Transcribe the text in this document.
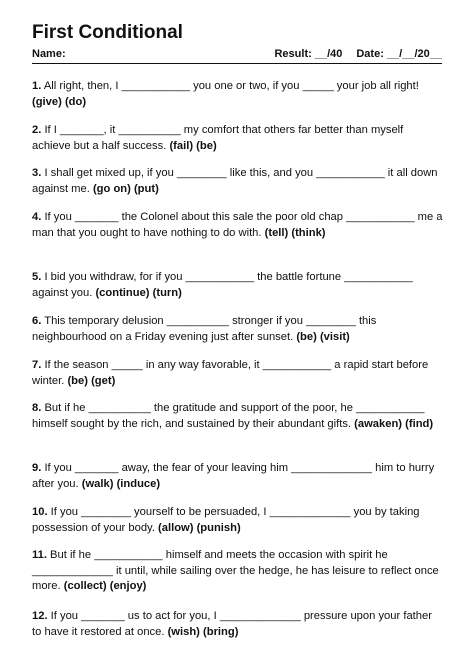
First Conditional
Name:	Result: __/40 Date: __/__/20__

1. All right, then, I ___________ you one or two, if you _____ your job all right! (give) (do)

2. If I _______, it __________ my comfort that others far better than myself achieve but a half success. (fail) (be)

3. I shall get mixed up, if you ________ like this, and you ___________ it all down against me. (go on) (put)

4. If you _______ the Colonel about this sale the poor old chap ___________ me a man that you ought to have nothing to do with. (tell) (think)

5. I bid you withdraw, for if you ___________ the battle fortune ___________ against you. (continue) (turn)

6. This temporary delusion __________ stronger if you ________ this neighbourhood on a Friday evening just after sunset. (be) (visit)

7. If the season _____ in any way favorable, it ___________ a rapid start before winter. (be) (get)

8. But if he __________ the gratitude and support of the poor, he ___________ himself sought by the rich, and sustained by their abundant gifts. (awaken) (find)

9. If you _______ away, the fear of your leaving him _____________ him to hurry after you. (walk) (induce)

10. If you ________ yourself to be persuaded, I _____________ you by taking possession of your body. (allow) (punish)

11. But if he ___________ himself and meets the occasion with spirit he _____________ it until, while sailing over the hedge, he has leisure to reflect once more. (collect) (enjoy)

12. If you _______ us to act for you, I _____________ pressure upon your father to have it restored at once. (wish) (bring)
